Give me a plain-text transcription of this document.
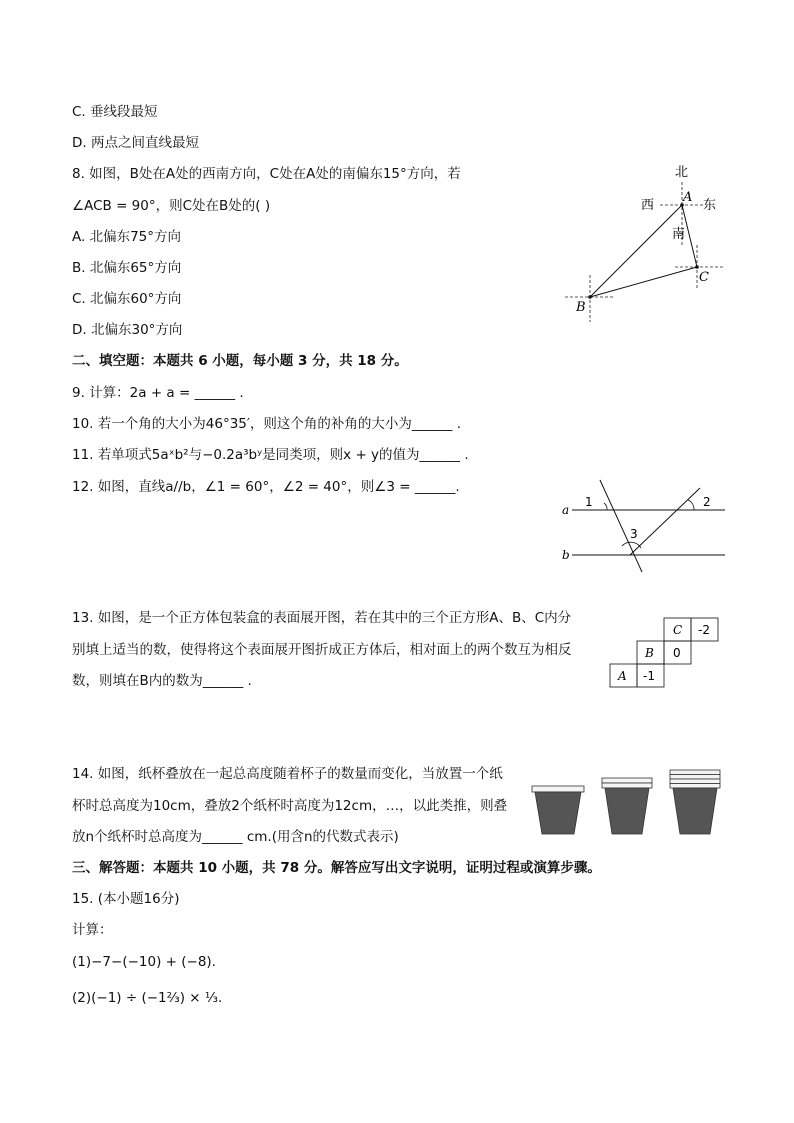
C. 垂线段最短
D. 两点之间直线最短
8. 如图，B处在A处的西南方向，C处在A处的南偏东15°方向，若
∠ACB = 90°，则C处在B处的( )
A. 北偏东75°方向
B. 北偏东65°方向
C. 北偏东60°方向
D. 北偏东30°方向
北
西	东
南
A
C
B
二、填空题：本题共 6 小题，每小题 3 分，共 18 分。
9. 计算：2a + a = ______ .
10. 若一个角的大小为46°35′，则这个角的补角的大小为______ .
11. 若单项式5aˣb²与−0.2a³bʸ是同类项，则x + y的值为______ .
12. 如图，直线a//b，∠1 = 60°，∠2 = 40°，则∠3 = ______.
a
b
1	2
3
13. 如图，是一个正方体包装盒的表面展开图，若在其中的三个正方形A、B、C内分
别填上适当的数，使得将这个表面展开图折成正方体后，相对面上的两个数互为相反
数，则填在B内的数为______ .
C -2
B 0
A -1
14. 如图，纸杯叠放在一起总高度随着杯子的数量而变化，当放置一个纸
杯时总高度为10cm，叠放2个纸杯时高度为12cm，…，以此类推，则叠
放n个纸杯时总高度为______ cm.(用含n的代数式表示)
三、解答题：本题共 10 小题，共 78 分。解答应写出文字说明，证明过程或演算步骤。
15. (本小题16分)
计算：
(1)−7−(−10) + (−8).
(2)(−1) ÷ (−1⅔) × ⅓.
